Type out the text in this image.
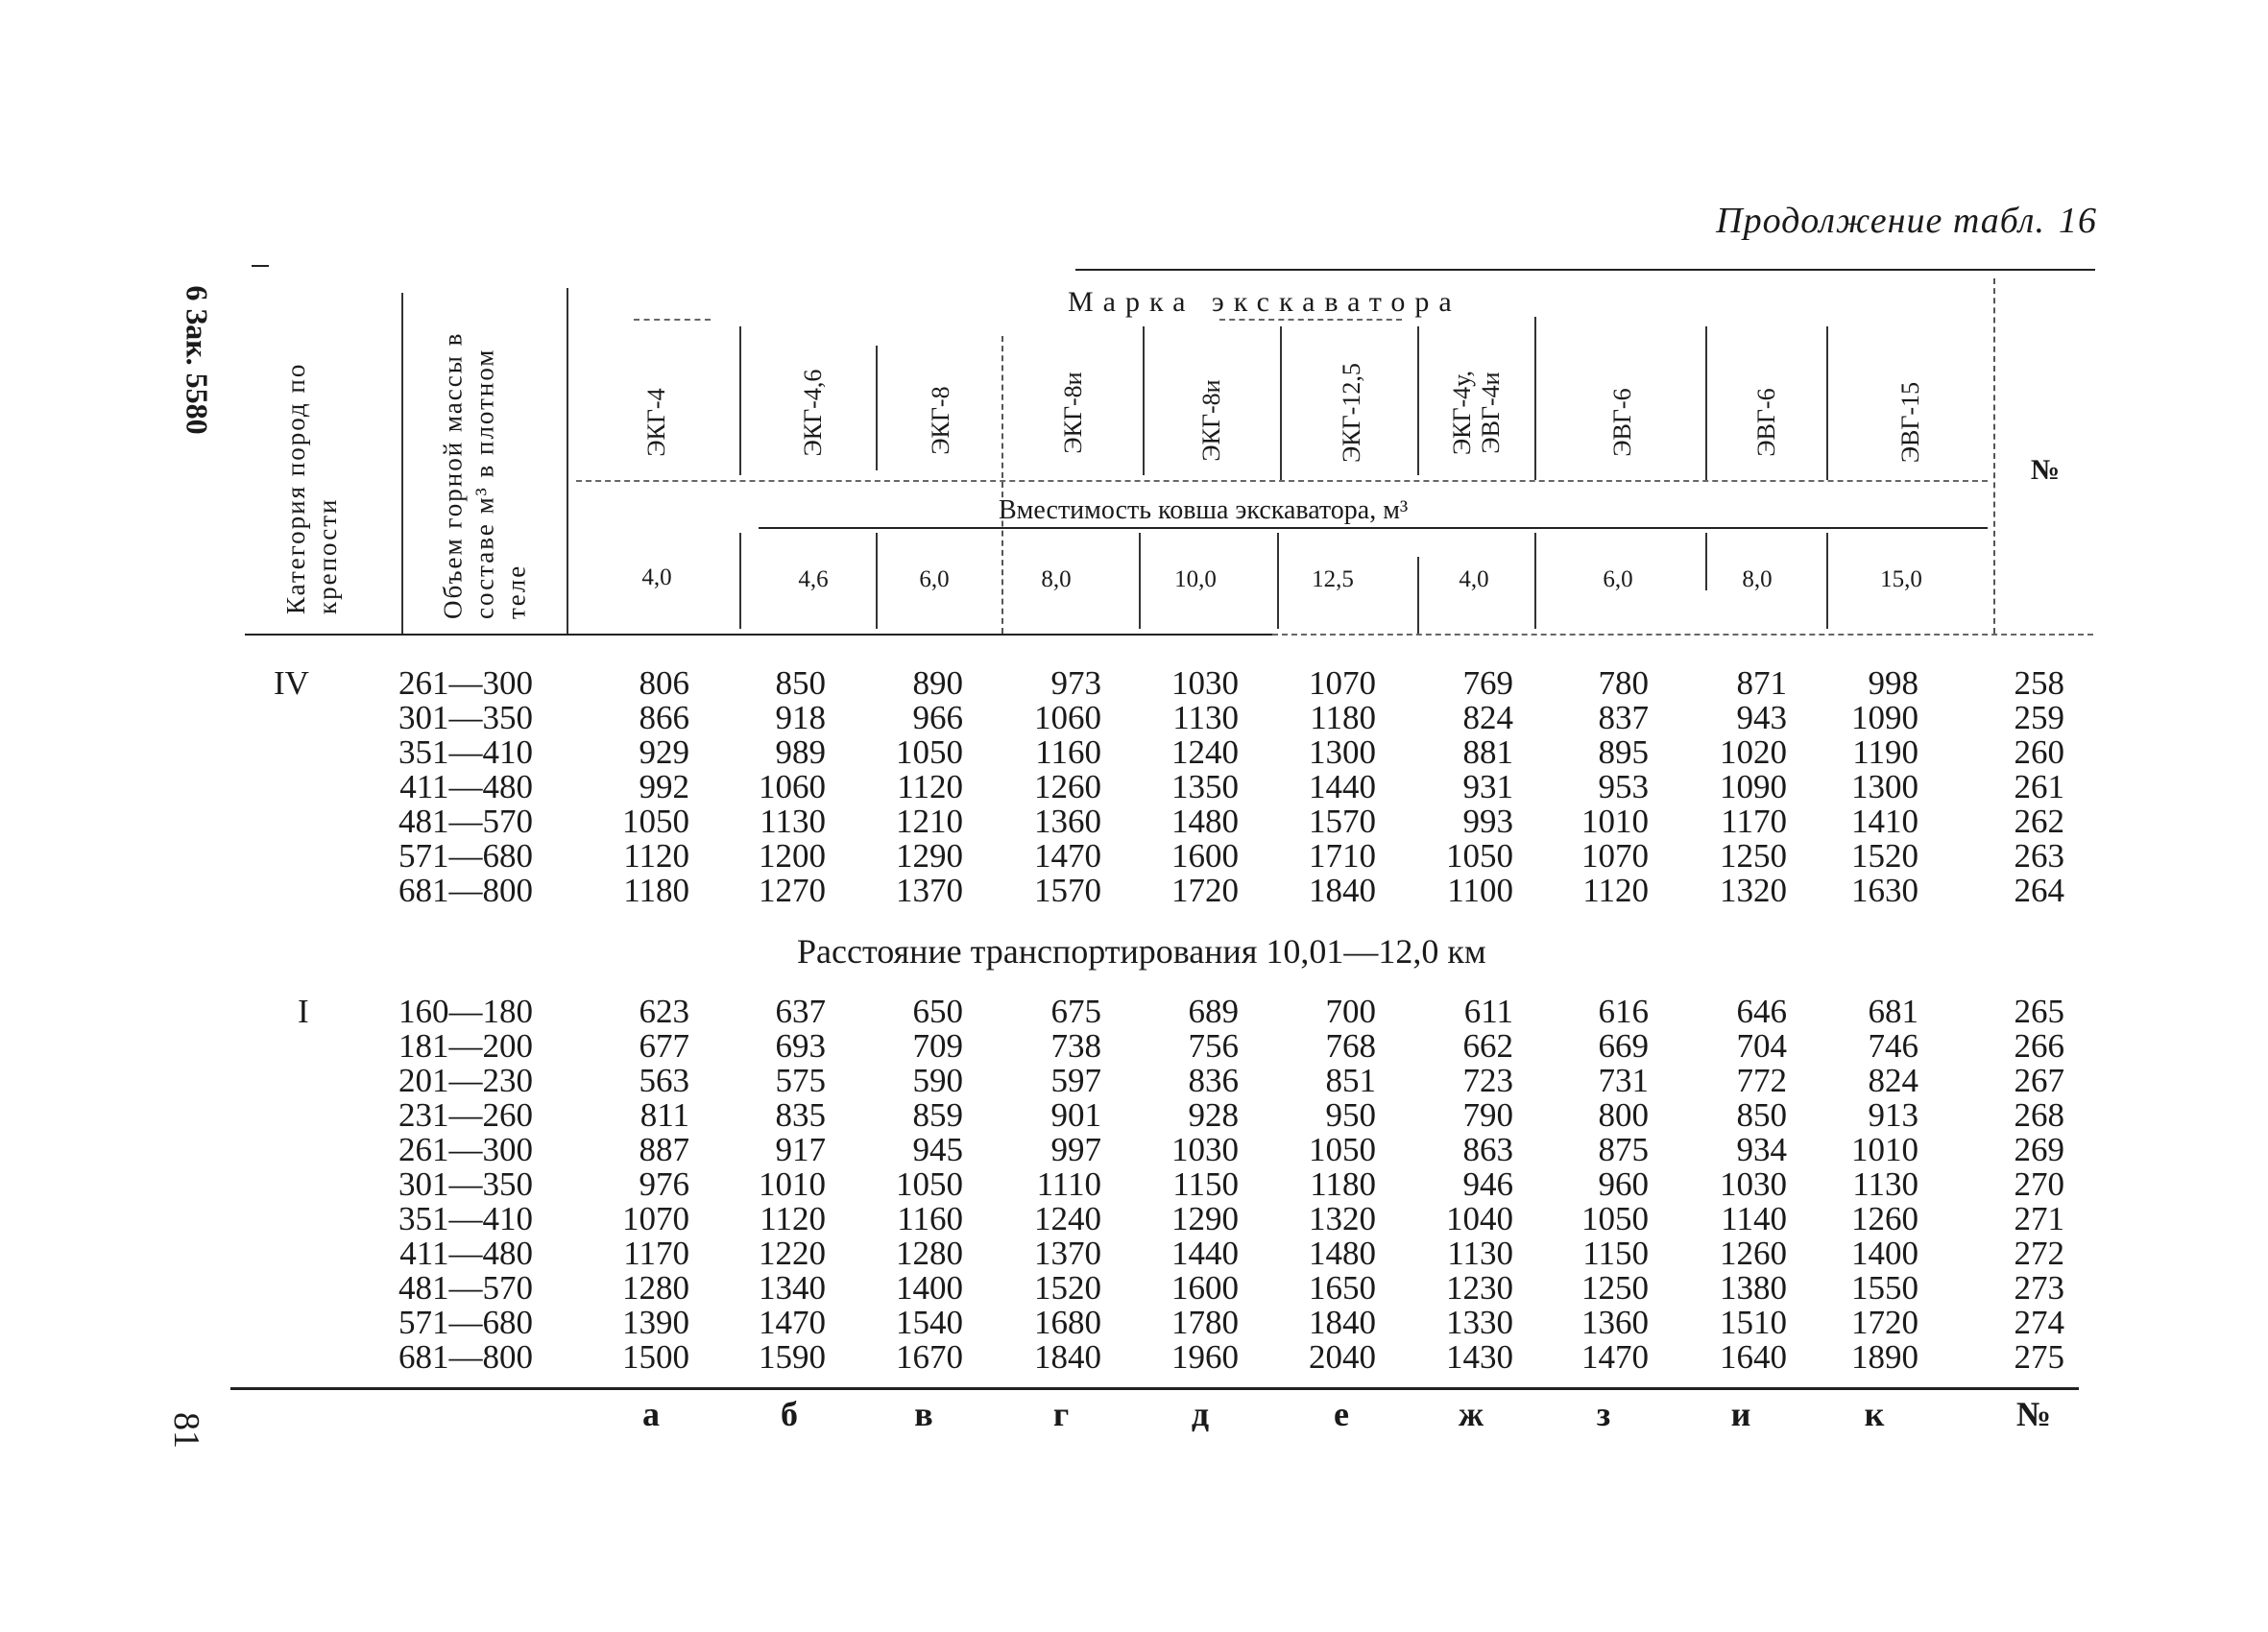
6 Зак. 5580
81
Продолжение табл. 16
Категория пород по крепости	Объем горной массы в составе м³ в плотном теле
Марка экскаватора
Вместимость ковша экскаватора, м³
№
ЭКГ-4	ЭКГ-4,6	ЭКГ-8	ЭКГ-8и	ЭКГ-8и	ЭКГ-12,5	ЭКГ-4у, ЭВГ-4и	ЭВГ-6	ЭВГ-6	ЭВГ-15
4,0	4,6	6,0	8,0	10,0	12,5	4,0	6,0	8,0	15,0
IV	261—300	806	850	890	973 1030 1070	769	780	871 998	258
301—350	866	918	966 1060 1130 1180	824	837	943 1090	259
351—410	929	989 1050 1160 1240 1300	881	895 1020 1190	260
411—480	992 1060 1120 1260 1350 1440	931	953 1090 1300	261
481—570	1050 1130 1210 1360 1480 1570	993 1010 1170 1410	262
571—680	1120 1200 1290 1470 1600 1710 1050 1070 1250 1520	263
681—800	1180 1270 1370 1570 1720 1840 1100 1120 1320 1630	264
Расстояние транспортирования 10,01—12,0 км
I	160—180	623	637	650	675	689	700	611	616	646 681	265
181—200	677	693	709	738	756	768	662	669	704 746	266
201—230	563	575	590	597	836	851	723	731	772 824	267
231—260	811	835	859	901	928	950	790	800	850 913	268
261—300	887	917	945	997 1030 1050	863	875	934 1010	269
301—350	976 1010 1050 1110 1150 1180	946	960 1030 1130	270
351—410	1070 1120 1160 1240 1290 1320 1040 1050 1140 1260	271
411—480	1170 1220 1280 1370 1440 1480 1130 1150 1260 1400	272
481—570	1280 1340 1400 1520 1600 1650 1230 1250 1380 1550	273
571—680	1390 1470 1540 1680 1780 1840 1330 1360 1510 1720	274
681—800	1500 1590 1670 1840 1960 2040 1430 1470 1640 1890	275
а	б	в	г	д	е	ж	з	и	к	№
